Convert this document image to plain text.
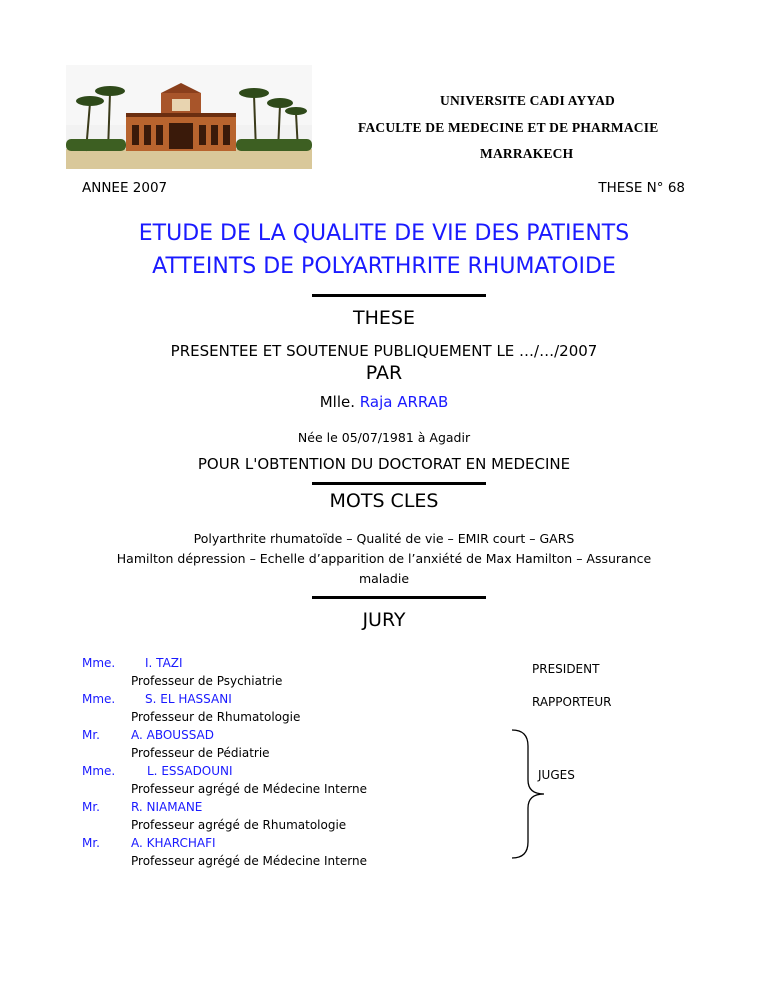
UNIVERSITE CADI AYYAD
FACULTE DE MEDECINE ET DE PHARMACIE
MARRAKECH
ANNEE 2007	THESE N° 68
ETUDE DE LA QUALITE DE VIE DES PATIENTS
ATTEINTS DE POLYARTHRITE RHUMATOIDE
THESE
PRESENTEE ET SOUTENUE PUBLIQUEMENT LE …/…/2007
PAR
Mlle. Raja ARRAB
Née le 05/07/1981 à Agadir
POUR L'OBTENTION DU DOCTORAT EN MEDECINE
MOTS CLES
Polyarthrite rhumatoïde – Qualité de vie – EMIR court – GARS
Hamilton dépression – Echelle d’apparition de l’anxiété de Max Hamilton – Assurance
maladie
JURY
Mme.	I. TAZI
Professeur de Psychiatrie
Mme.	S. EL HASSANI
Professeur de Rhumatologie
Mr.	A. ABOUSSAD
Professeur de Pédiatrie
Mme.	L. ESSADOUNI
Professeur agrégé de Médecine Interne
Mr.	R. NIAMANE
Professeur agrégé de Rhumatologie
Mr.	A. KHARCHAFI
Professeur agrégé de Médecine Interne
PRESIDENT
RAPPORTEUR
JUGES
